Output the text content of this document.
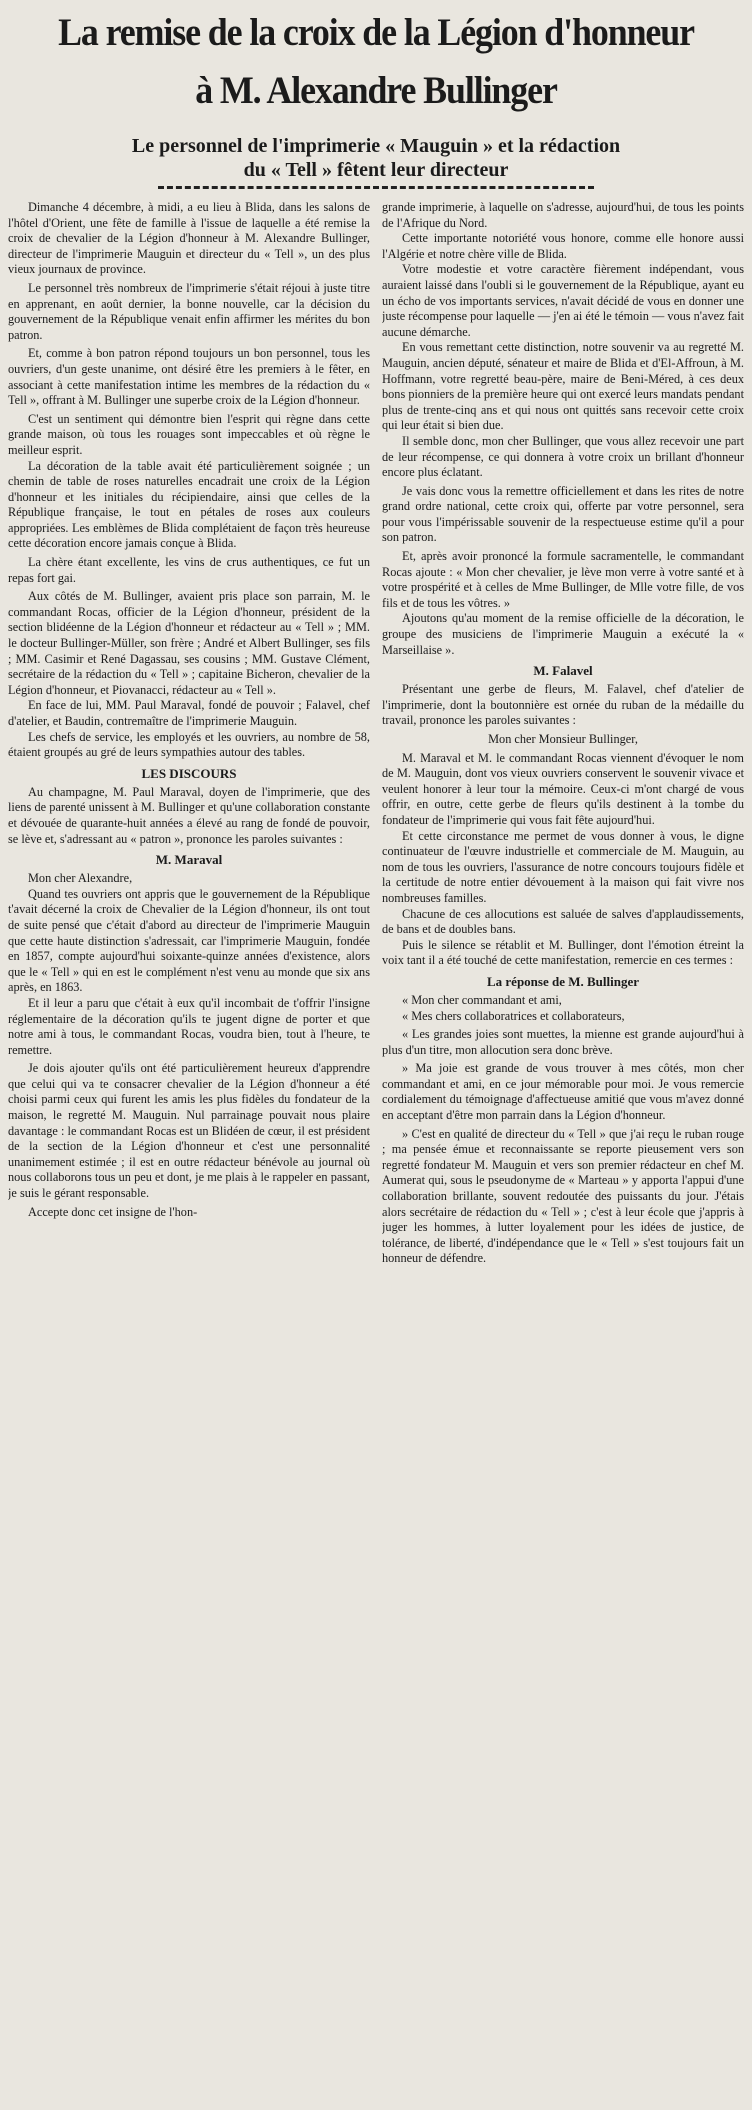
La remise de la croix de la Légion d'honneur
à M. Alexandre Bullinger
Le personnel de l'imprimerie « Mauguin » et la rédaction
du « Tell » fêtent leur directeur

Dimanche 4 décembre, à midi, a eu lieu à Blida, dans les salons de l'hôtel d'Orient, une fête de famille à l'issue de laquelle a été remise la croix de chevalier de la Légion d'honneur à M. Alexandre Bullinger, directeur de l'imprimerie Mauguin et directeur du « Tell », un des plus vieux journaux de province.

Le personnel très nombreux de l'imprimerie s'était réjoui à juste titre en apprenant, en août dernier, la bonne nouvelle, car la décision du gouvernement de la République venait enfin affirmer les mérites du bon patron.

Et, comme à bon patron répond toujours un bon personnel, tous les ouvriers, d'un geste unanime, ont désiré être les premiers à le fêter, en associant à cette manifestation intime les membres de la rédaction du « Tell », offrant à M. Bullinger une superbe croix de la Légion d'honneur.

C'est un sentiment qui démontre bien l'esprit qui règne dans cette grande maison, où tous les rouages sont impeccables et où règne le meilleur esprit.

La décoration de la table avait été particulièrement soignée ; un chemin de table de roses naturelles encadrait une croix de la Légion d'honneur et les initiales du récipiendaire, ainsi que celles de la République française, le tout en pétales de roses aux couleurs appropriées. Les emblèmes de Blida complétaient de façon très heureuse cette décoration encore jamais conçue à Blida.

La chère étant excellente, les vins de crus authentiques, ce fut un repas fort gai.

Aux côtés de M. Bullinger, avaient pris place son parrain, M. le commandant Rocas, officier de la Légion d'honneur, président de la section blidéenne de la Légion d'honneur et rédacteur au « Tell » ; MM. le docteur Bullinger-Müller, son frère ; André et Albert Bullinger, ses fils ; MM. Casimir et René Dagassau, ses cousins ; MM. Gustave Clément, secrétaire de la rédaction du « Tell » ; capitaine Bicheron, chevalier de la Légion d'honneur, et Piovanacci, rédacteur au « Tell ».

En face de lui, MM. Paul Maraval, fondé de pouvoir ; Falavel, chef d'atelier, et Baudin, contremaître de l'imprimerie Mauguin.

Les chefs de service, les employés et les ouvriers, au nombre de 58, étaient groupés au gré de leurs sympathies autour des tables.

LES DISCOURS

Au champagne, M. Paul Maraval, doyen de l'imprimerie, que des liens de parenté unissent à M. Bullinger et qu'une collaboration constante et dévouée de quarante-huit années a élevé au rang de fondé de pouvoir, se lève et, s'adressant au « patron », prononce les paroles suivantes :

M. Maraval

Mon cher Alexandre,

Quand tes ouvriers ont appris que le gouvernement de la République t'avait décerné la croix de Chevalier de la Légion d'honneur, ils ont tout de suite pensé que c'était d'abord au directeur de l'imprimerie Mauguin que cette haute distinction s'adressait, car l'imprimerie Mauguin, fondée en 1857, compte aujourd'hui soixante-quinze années d'existence, alors que le « Tell » qui en est le complément n'est venu au monde que six ans après, en 1863.

Et il leur a paru que c'était à eux qu'il incombait de t'offrir l'insigne réglementaire de la décoration qu'ils te jugent digne de porter et que notre ami à tous, le commandant Rocas, voudra bien, tout à l'heure, te remettre.

Je dois ajouter qu'ils ont été particulièrement heureux d'apprendre que celui qui va te consacrer chevalier de la Légion d'honneur a été choisi parmi ceux qui furent les amis les plus fidèles du fondateur de la maison, le regretté M. Mauguin. Nul parrainage pouvait nous plaire davantage : le commandant Rocas est un Blidéen de cœur, il est président de la section de la Légion d'honneur et c'est une personnalité unanimement estimée ; il est en outre rédacteur bénévole au journal où nous collaborons tous un peu et dont, je me plais à le rappeler en passant, je suis le gérant responsable.

Accepte donc cet insigne de l'hon-

grande imprimerie, à laquelle on s'adresse, aujourd'hui, de tous les points de l'Afrique du Nord.

Cette importante notoriété vous honore, comme elle honore aussi l'Algérie et notre chère ville de Blida.

Votre modestie et votre caractère fièrement indépendant, vous auraient laissé dans l'oubli si le gouvernement de la République, ayant eu un écho de vos importants services, n'avait décidé de vous en donner une juste récompense pour laquelle — j'en ai été le témoin — vous n'avez fait aucune démarche.

En vous remettant cette distinction, notre souvenir va au regretté M. Mauguin, ancien député, sénateur et maire de Blida et d'El-Affroun, à M. Hoffmann, votre regretté beau-père, maire de Beni-Méred, à ces deux bons pionniers de la première heure qui ont exercé leurs mandats pendant plus de trente-cinq ans et qui nous ont quittés sans recevoir cette croix qui leur était si bien due.

Il semble donc, mon cher Bullinger, que vous allez recevoir une part de leur récompense, ce qui donnera à votre croix un brillant d'honneur encore plus éclatant.

Je vais donc vous la remettre officiellement et dans les rites de notre grand ordre national, cette croix qui, offerte par votre personnel, sera pour vous l'impérissable souvenir de la respectueuse estime qu'il a pour son patron.

Et, après avoir prononcé la formule sacramentelle, le commandant Rocas ajoute : « Mon cher chevalier, je lève mon verre à votre santé et à votre prospérité et à celles de Mme Bullinger, de Mlle votre fille, de vos fils et de tous les vôtres. »

Ajoutons qu'au moment de la remise officielle de la décoration, le groupe des musiciens de l'imprimerie Mauguin a exécuté la « Marseillaise ».

M. Falavel

Présentant une gerbe de fleurs, M. Falavel, chef d'atelier de l'imprimerie, dont la boutonnière est ornée du ruban de la médaille du travail, prononce les paroles suivantes :

Mon cher Monsieur Bullinger,

M. Maraval et M. le commandant Rocas viennent d'évoquer le nom de M. Mauguin, dont vos vieux ouvriers conservent le souvenir vivace et veulent honorer à leur tour la mémoire. Ceux-ci m'ont chargé de vous offrir, en outre, cette gerbe de fleurs qu'ils destinent à la tombe du fondateur de l'imprimerie qui vous fait fête aujourd'hui.

Et cette circonstance me permet de vous donner à vous, le digne continuateur de l'œuvre industrielle et commerciale de M. Mauguin, au nom de tous les ouvriers, l'assurance de notre concours toujours fidèle et la certitude de notre entier dévouement à la maison qui fait vivre nos nombreuses familles.

Chacune de ces allocutions est saluée de salves d'applaudissements, de bans et de doubles bans.

Puis le silence se rétablit et M. Bullinger, dont l'émotion étreint la voix tant il a été touché de cette manifestation, remercie en ces termes :

La réponse de M. Bullinger

« Mon cher commandant et ami,

« Mes chers collaboratrices et collaborateurs,

« Les grandes joies sont muettes, la mienne est grande aujourd'hui à plus d'un titre, mon allocution sera donc brève.

» Ma joie est grande de vous trouver à mes côtés, mon cher commandant et ami, en ce jour mémorable pour moi. Je vous remercie cordialement du témoignage d'affectueuse amitié que vous m'avez donné en acceptant d'être mon parrain dans la Légion d'honneur.

» C'est en qualité de directeur du « Tell » que j'ai reçu le ruban rouge ; ma pensée émue et reconnaissante se reporte pieusement vers son regretté fondateur M. Mauguin et vers son premier rédacteur en chef M. Aumerat qui, sous le pseudonyme de « Marteau » y apporta l'appui d'une collaboration brillante, souvent redoutée des puissants du jour. J'étais alors secrétaire de rédaction du « Tell » ; c'est à leur école que j'appris à juger les hommes, à lutter loyalement pour les idées de justice, de tolérance, de liberté, d'indépendance que le « Tell » s'est toujours fait un honneur de défendre.
